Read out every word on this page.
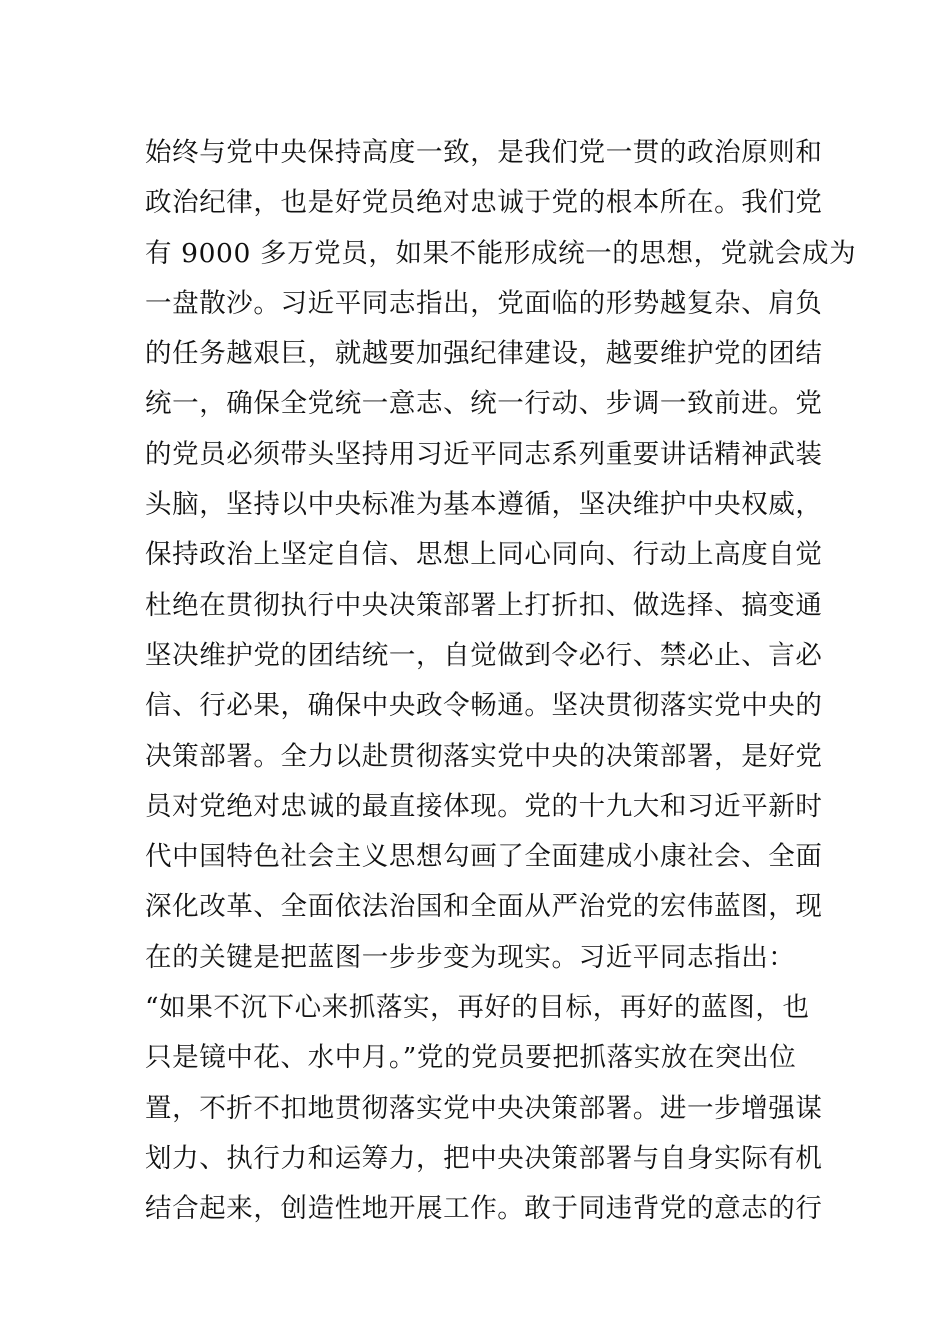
始终与党中央保持高度一致，是我们党一贯的政治原则和
政治纪律，也是好党员绝对忠诚于党的根本所在。我们党
有 9000 多万党员，如果不能形成统一的思想，党就会成为
一盘散沙。习近平同志指出，党面临的形势越复杂、肩负
的任务越艰巨，就越要加强纪律建设，越要维护党的团结
统一，确保全党统一意志、统一行动、步调一致前进。党
的党员必须带头坚持用习近平同志系列重要讲话精神武装
头脑，坚持以中央标准为基本遵循，坚决维护中央权威，
保持政治上坚定自信、思想上同心同向、行动上高度自觉
杜绝在贯彻执行中央决策部署上打折扣、做选择、搞变通
坚决维护党的团结统一，自觉做到令必行、禁必止、言必
信、行必果，确保中央政令畅通。坚决贯彻落实党中央的
决策部署。全力以赴贯彻落实党中央的决策部署，是好党
员对党绝对忠诚的最直接体现。党的十九大和习近平新时
代中国特色社会主义思想勾画了全面建成小康社会、全面
深化改革、全面依法治国和全面从严治党的宏伟蓝图，现
在的关键是把蓝图一步步变为现实。习近平同志指出：
“如果不沉下心来抓落实，再好的目标，再好的蓝图，也
只是镜中花、水中月。”党的党员要把抓落实放在突出位
置，不折不扣地贯彻落实党中央决策部署。进一步增强谋
划力、执行力和运筹力，把中央决策部署与自身实际有机
结合起来，创造性地开展工作。敢于同违背党的意志的行
